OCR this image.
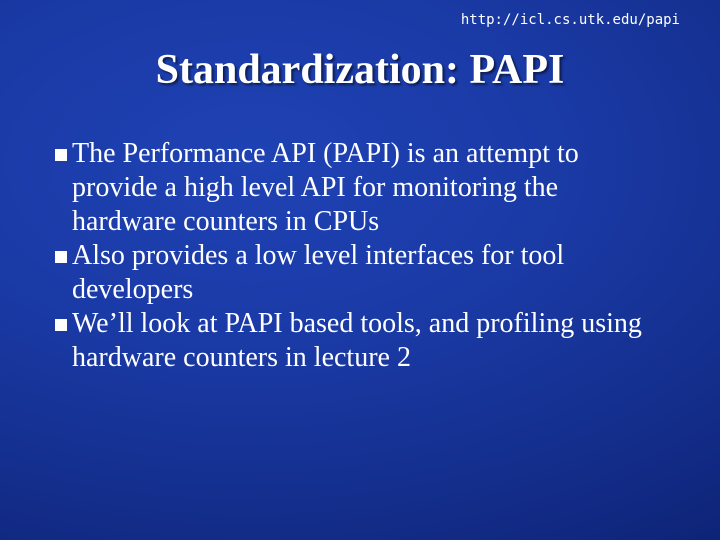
http://icl.cs.utk.edu/papi
Standardization: PAPI
The Performance API (PAPI) is an attempt to provide a high level API for monitoring the hardware counters in CPUs
Also provides a low level interfaces for tool developers
We’ll look at PAPI based tools, and profiling using hardware counters in lecture 2
